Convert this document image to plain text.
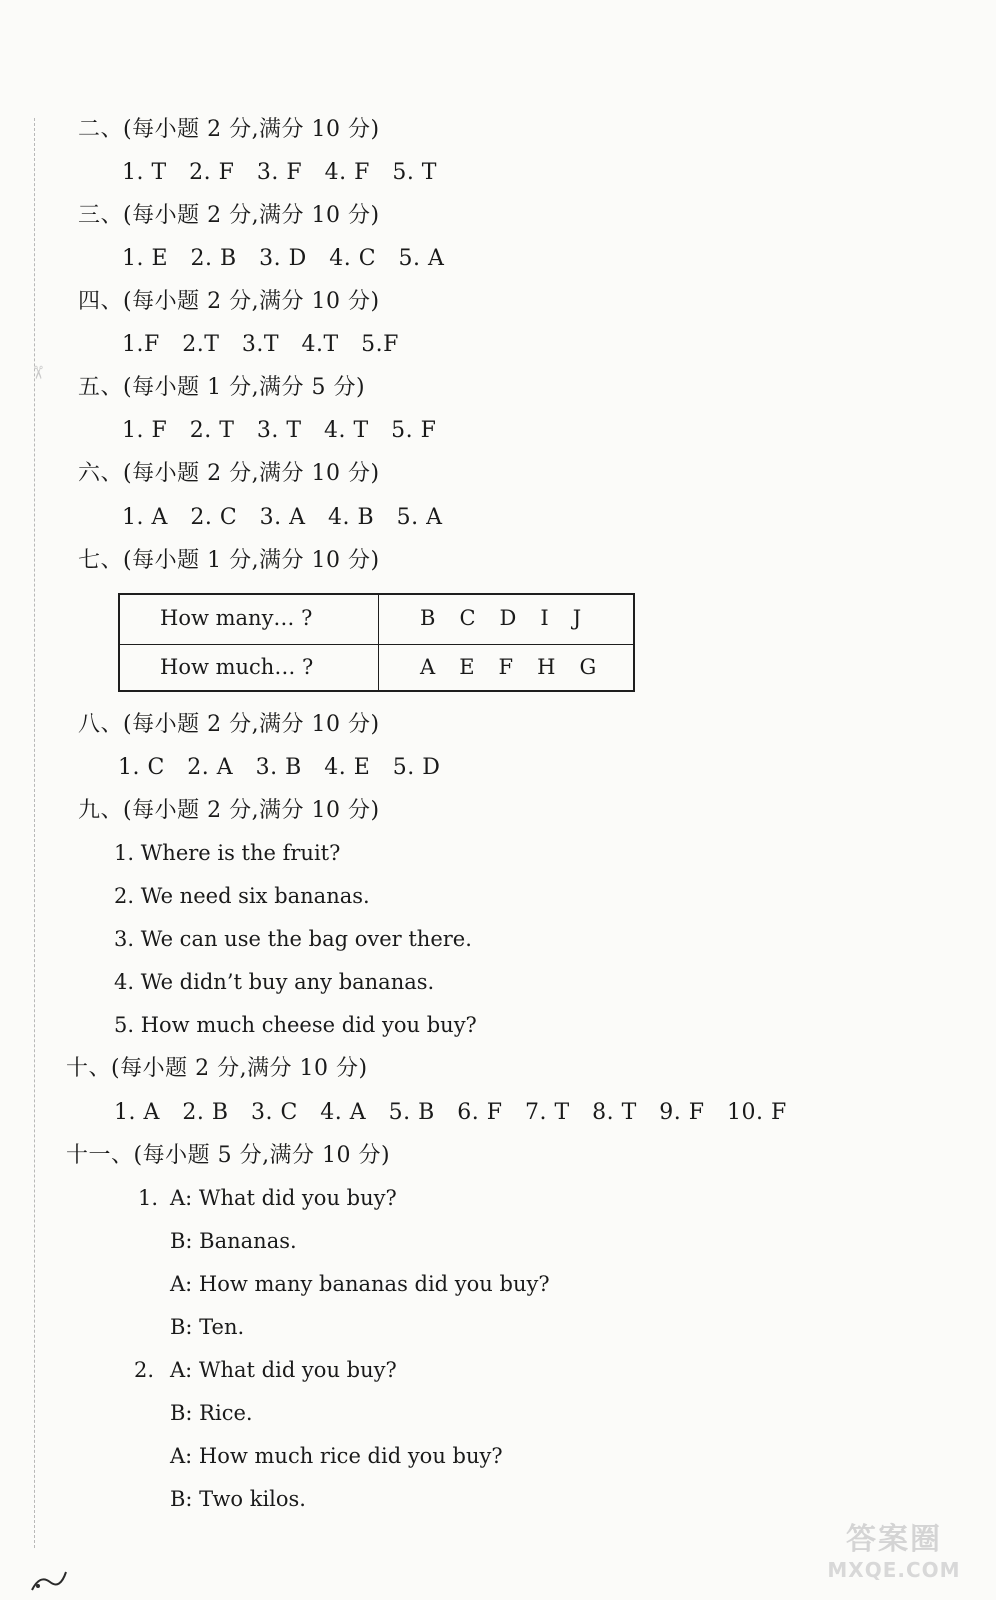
✂
二、(每小题 2 分,满分 10 分)
1. T   2. F   3. F   4. F   5. T
三、(每小题 2 分,满分 10 分)
1. E   2. B   3. D   4. C   5. A
四、(每小题 2 分,满分 10 分)
1.F   2.T   3.T   4.T   5.F
五、(每小题 1 分,满分 5 分)
1. F   2. T   3. T   4. T   5. F
六、(每小题 2 分,满分 10 分)
1. A   2. C   3. A   4. B   5. A
七、(每小题 1 分,满分 10 分)
How many… ?	B   C   D   I   J
How much… ?	A   E   F   H   G
八、(每小题 2 分,满分 10 分)
1. C   2. A   3. B   4. E   5. D
九、(每小题 2 分,满分 10 分)
1. Where is the fruit?
2. We need six bananas.
3. We can use the bag over there.
4. We didn’t buy any bananas.
5. How much cheese did you buy?
十、(每小题 2 分,满分 10 分)
1. A   2. B   3. C   4. A   5. B   6. F   7. T   8. T   9. F   10. F
十一、(每小题 5 分,满分 10 分)
1. A: What did you buy?
B: Bananas.
A: How many bananas did you buy?
B: Ten.
2. A: What did you buy?
B: Rice.
A: How much rice did you buy?
B: Two kilos.
答案圈
MXQE.COM
